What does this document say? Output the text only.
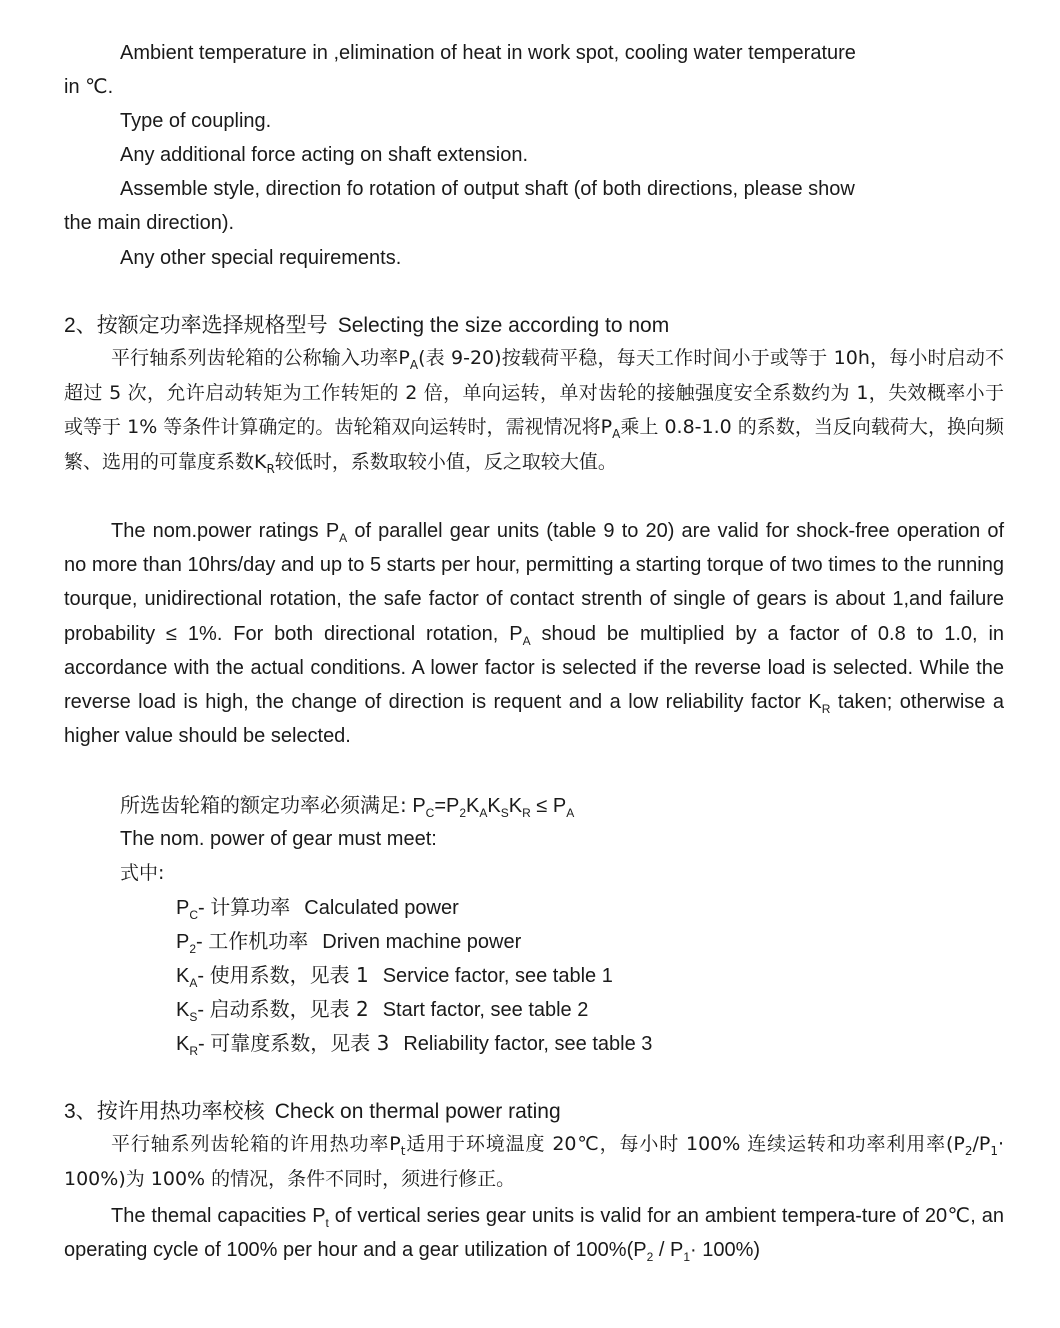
Ambient temperature in ,elimination of heat in work spot, cooling water temperature
in ℃.

Type of coupling.

Any additional force acting on shaft extension.

Assemble style, direction fo rotation of output shaft (of both directions, please show
the main direction).

Any other special requirements.

2、按额定功率选择规格型号 Selecting the size according to nom

平行轴系列齿轮箱的公称输入功率$P_A$(表 9-20)按载荷平稳，每天工作时间小于或等于 10h，每小时启动不超过 5 次，允许启动转矩为工作转矩的 2 倍，单向运转，单对齿轮的接触强度安全系数约为 1，失效概率小于或等于 1% 等条件计算确定的。齿轮箱双向运转时，需视情况将$P_A$乘上 0.8-1.0 的系数，当反向载荷大，换向频繁、选用的可靠度系数$K_R$较低时，系数取较小值，反之取较大值。

The nom.power ratings $P_A$ of parallel gear units (table 9 to 20) are valid for shock-free operation of no more than 10hrs/day and up to 5 starts per hour, permitting a starting torque of two times to the running tourque, unidirectional rotation, the safe factor of contact strenth of single of gears is about 1,and failure probability ≤ 1%. For both directional rotation, $P_A$ shoud be multiplied by a factor of 0.8 to 1.0, in accordance with the actual conditions. A lower factor is selected if the reverse load is selected. While the reverse load is high, the change of direction is requent and a low reliability factor $K_R$ taken; otherwise a higher value should be selected.

所选齿轮箱的额定功率必须满足: $P_C=P_2K_AK_SK_R \le P_A$

The nom. power of gear must meet:

式中:

$P_C-$ 计算功率 Calculated power

$P_2-$ 工作机功率 Driven machine power

$K_A-$ 使用系数，见表 1 Service factor, see table 1

$K_S-$ 启动系数，见表 2 Start factor, see table 2

$K_R-$ 可靠度系数，见表 3 Reliability factor, see table 3

3、按许用热功率校核 Check on thermal power rating

平行轴系列齿轮箱的许用热功率$P_t$适用于环境温度 20℃，每小时 100% 连续运转和功率利用率$(P_2/P_1\cdot 100\%)$为 100% 的情况，条件不同时，须进行修正。

The themal capacities $P_t$ of vertical series gear units is valid for an ambient tempera-ture of 20℃, an operating cycle of 100% per hour and a gear utilization of $100\%(P_2 / P_1\cdot 100\%)$
